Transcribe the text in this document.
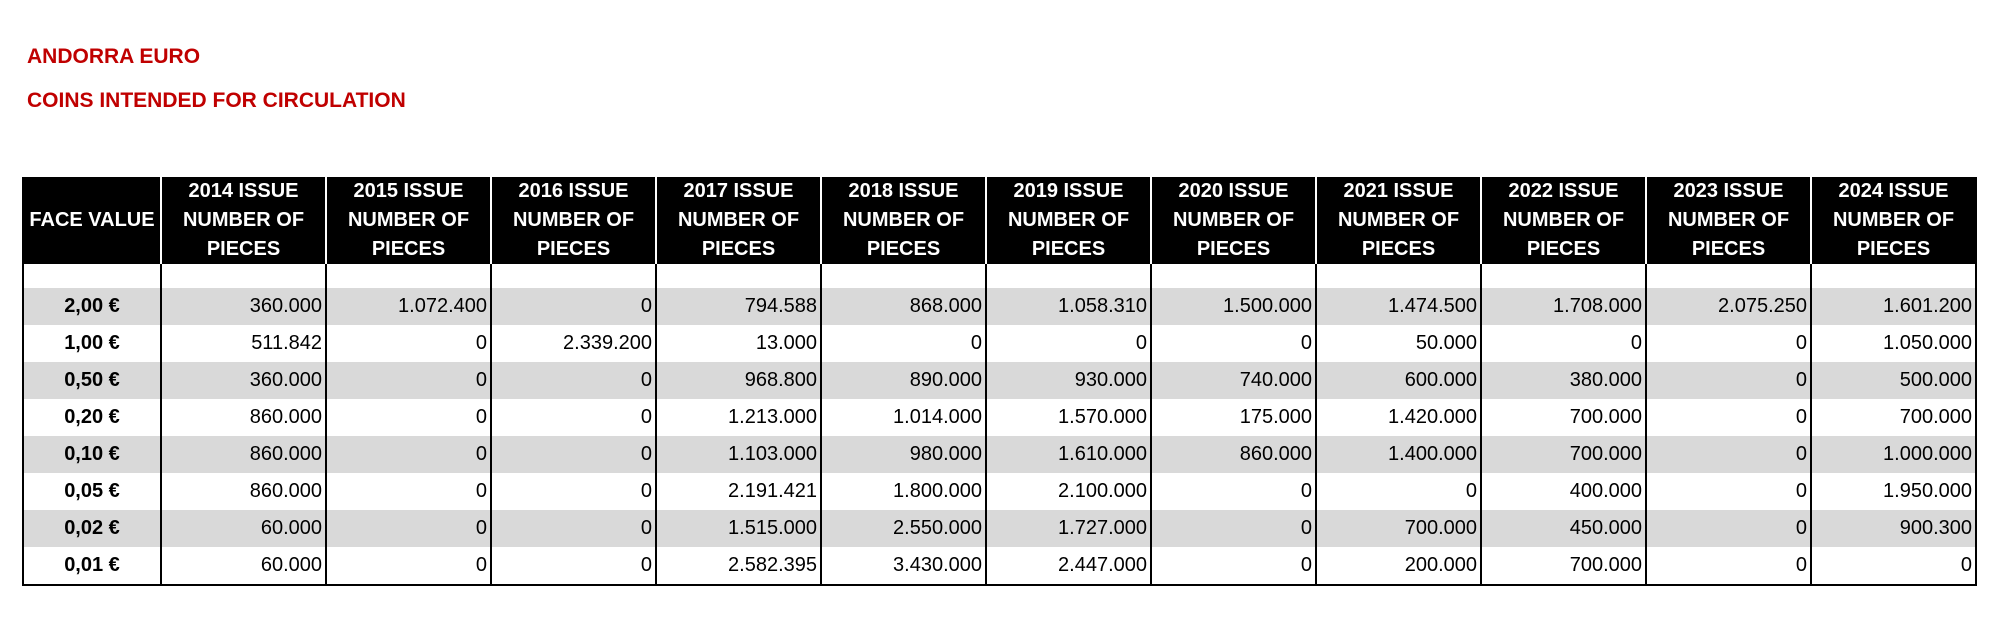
ANDORRA EURO
COINS INTENDED FOR CIRCULATION
FACE VALUE	2014 ISSUE NUMBER OF PIECES	2015 ISSUE NUMBER OF PIECES	2016 ISSUE NUMBER OF PIECES	2017 ISSUE NUMBER OF PIECES	2018 ISSUE NUMBER OF PIECES	2019 ISSUE NUMBER OF PIECES	2020 ISSUE NUMBER OF PIECES	2021 ISSUE NUMBER OF PIECES	2022 ISSUE NUMBER OF PIECES	2023 ISSUE NUMBER OF PIECES	2024 ISSUE NUMBER OF PIECES

2,00 €	360.000	1.072.400	0	794.588	868.000	1.058.310	1.500.000	1.474.500	1.708.000	2.075.250	1.601.200
1,00 €	511.842	0	2.339.200	13.000	0	0	0	50.000	0	0	1.050.000
0,50 €	360.000	0	0	968.800	890.000	930.000	740.000	600.000	380.000	0	500.000
0,20 €	860.000	0	0	1.213.000	1.014.000	1.570.000	175.000	1.420.000	700.000	0	700.000
0,10 €	860.000	0	0	1.103.000	980.000	1.610.000	860.000	1.400.000	700.000	0	1.000.000
0,05 €	860.000	0	0	2.191.421	1.800.000	2.100.000	0	0	400.000	0	1.950.000
0,02 €	60.000	0	0	1.515.000	2.550.000	1.727.000	0	700.000	450.000	0	900.300
0,01 €	60.000	0	0	2.582.395	3.430.000	2.447.000	0	200.000	700.000	0	0
